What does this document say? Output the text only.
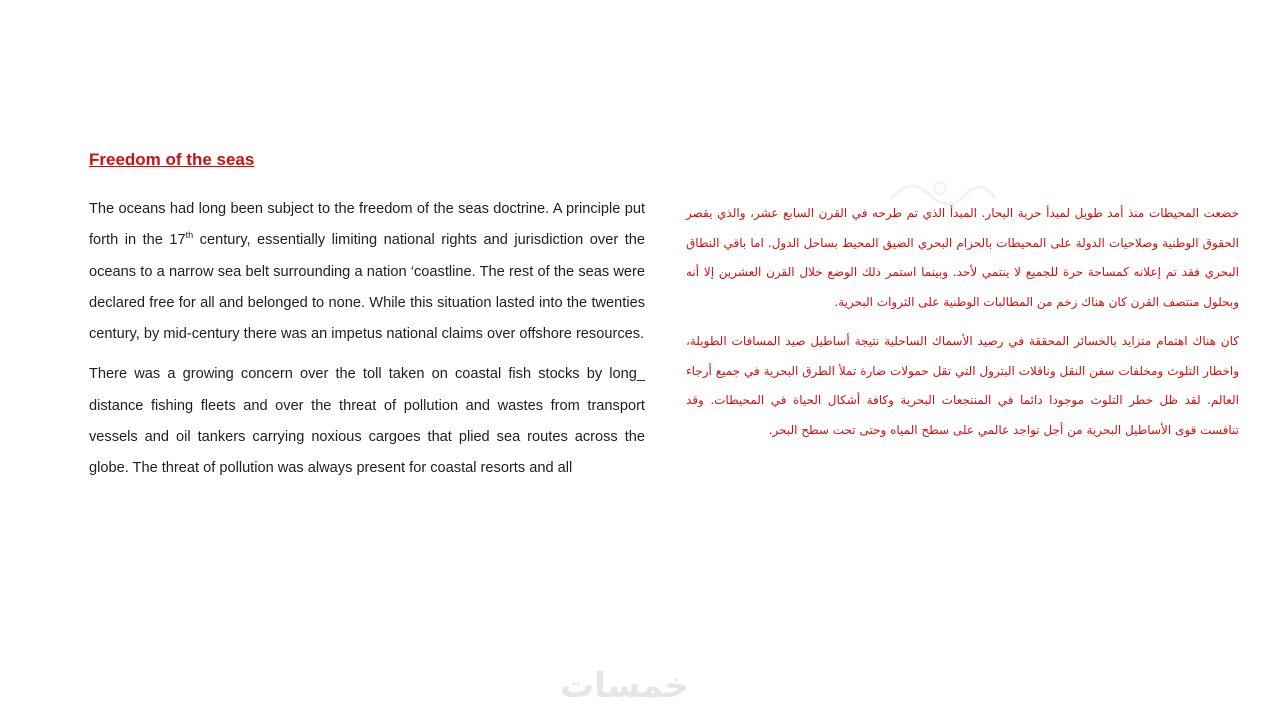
Freedom of the seas

The oceans had long been subject to the freedom of the seas doctrine. A principle put forth in the 17th century, essentially limiting national rights and jurisdiction over the oceans to a narrow sea belt surrounding a nation ‘coastline. The rest of the seas were declared free for all and belonged to none. While this situation lasted into the twenties century, by mid-century there was an impetus national claims over offshore resources.

There was a growing concern over the toll taken on coastal fish stocks by long_ distance fishing fleets and over the threat of pollution and wastes from transport vessels and oil tankers carrying noxious cargoes that plied sea routes across the globe. The threat of pollution was always present for coastal resorts and all

خضعت المحيطات منذ أمد طويل لمبدأ حرية البحار. المبدأ الذي تم طرحه في القرن السابع عشر، والذي يقصر الحقوق الوطنية وصلاحيات الدولة على المحيطات بالحزام البحري الضيق المحيط بساحل الدول. اما باقي النطاق البحري فقد تم إعلانه كمساحة حرة للجميع لا ينتمي لأحد. وبينما استمر ذلك الوضع خلال القرن العشرين إلا أنه وبحلول منتصف القرن كان هناك زخم من المطالبات الوطنية على الثروات البحرية.

كان هناك اهتمام متزايد بالخسائر المحققة في رصيد الأسماك الساحلية نتيجة أساطيل صيد المسافات الطويلة، واخطار التلوث ومخلفات سفن النقل وناقلات البترول التي تقل حمولات ضارة تملأ الطرق البحرية في جميع أرجاء العالم. لقد ظل خطر التلوث موجودا دائما في المنتجعات البحرية وكافة أشكال الحياة في المحيطات. وقد تنافست قوى الأساطيل البحرية من أجل تواجد عالمي على سطح المياه وحتى تحت سطح البحر.

خمسات
